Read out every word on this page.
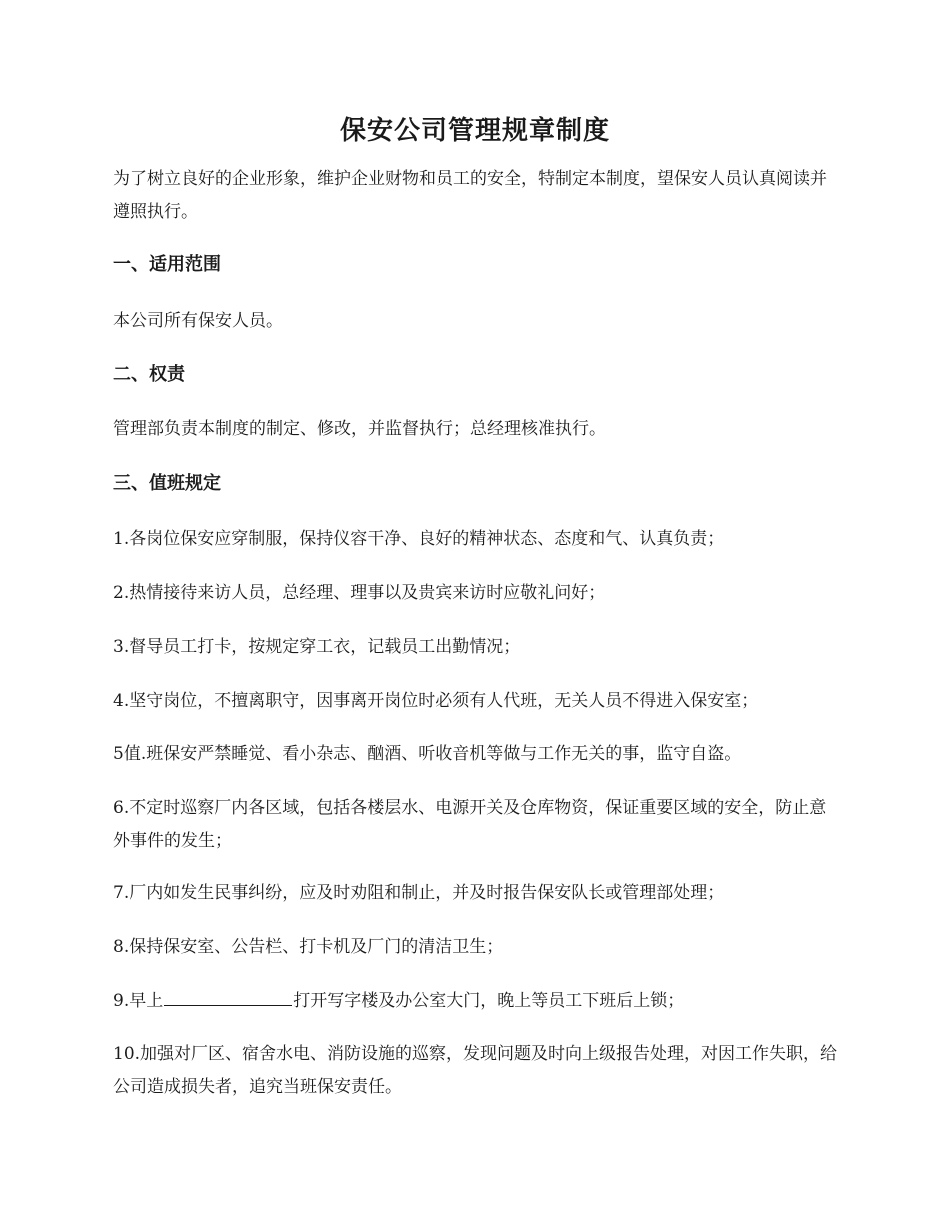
保安公司管理规章制度

为了树立良好的企业形象，维护企业财物和员工的安全，特制定本制度，望保安人员认真阅读并遵照执行。

一、适用范围

本公司所有保安人员。

二、权责

管理部负责本制度的制定、修改，并监督执行；总经理核准执行。

三、值班规定

1.各岗位保安应穿制服，保持仪容干净、良好的精神状态、态度和气、认真负责；

2.热情接待来访人员，总经理、理事以及贵宾来访时应敬礼问好；

3.督导员工打卡，按规定穿工衣，记载员工出勤情况；

4.坚守岗位，不擅离职守，因事离开岗位时必须有人代班，无关人员不得进入保安室；

5值.班保安严禁睡觉、看小杂志、酗酒、听收音机等做与工作无关的事，监守自盗。

6.不定时巡察厂内各区域，包括各楼层水、电源开关及仓库物资，保证重要区域的安全，防止意外事件的发生；

7.厂内如发生民事纠纷，应及时劝阻和制止，并及时报告保安队长或管理部处理；

8.保持保安室、公告栏、打卡机及厂门的清洁卫生；

9.早上	打开写字楼及办公室大门，晚上等员工下班后上锁；

10.加强对厂区、宿舍水电、消防设施的巡察，发现问题及时向上级报告处理，对因工作失职，给公司造成损失者，追究当班保安责任。
